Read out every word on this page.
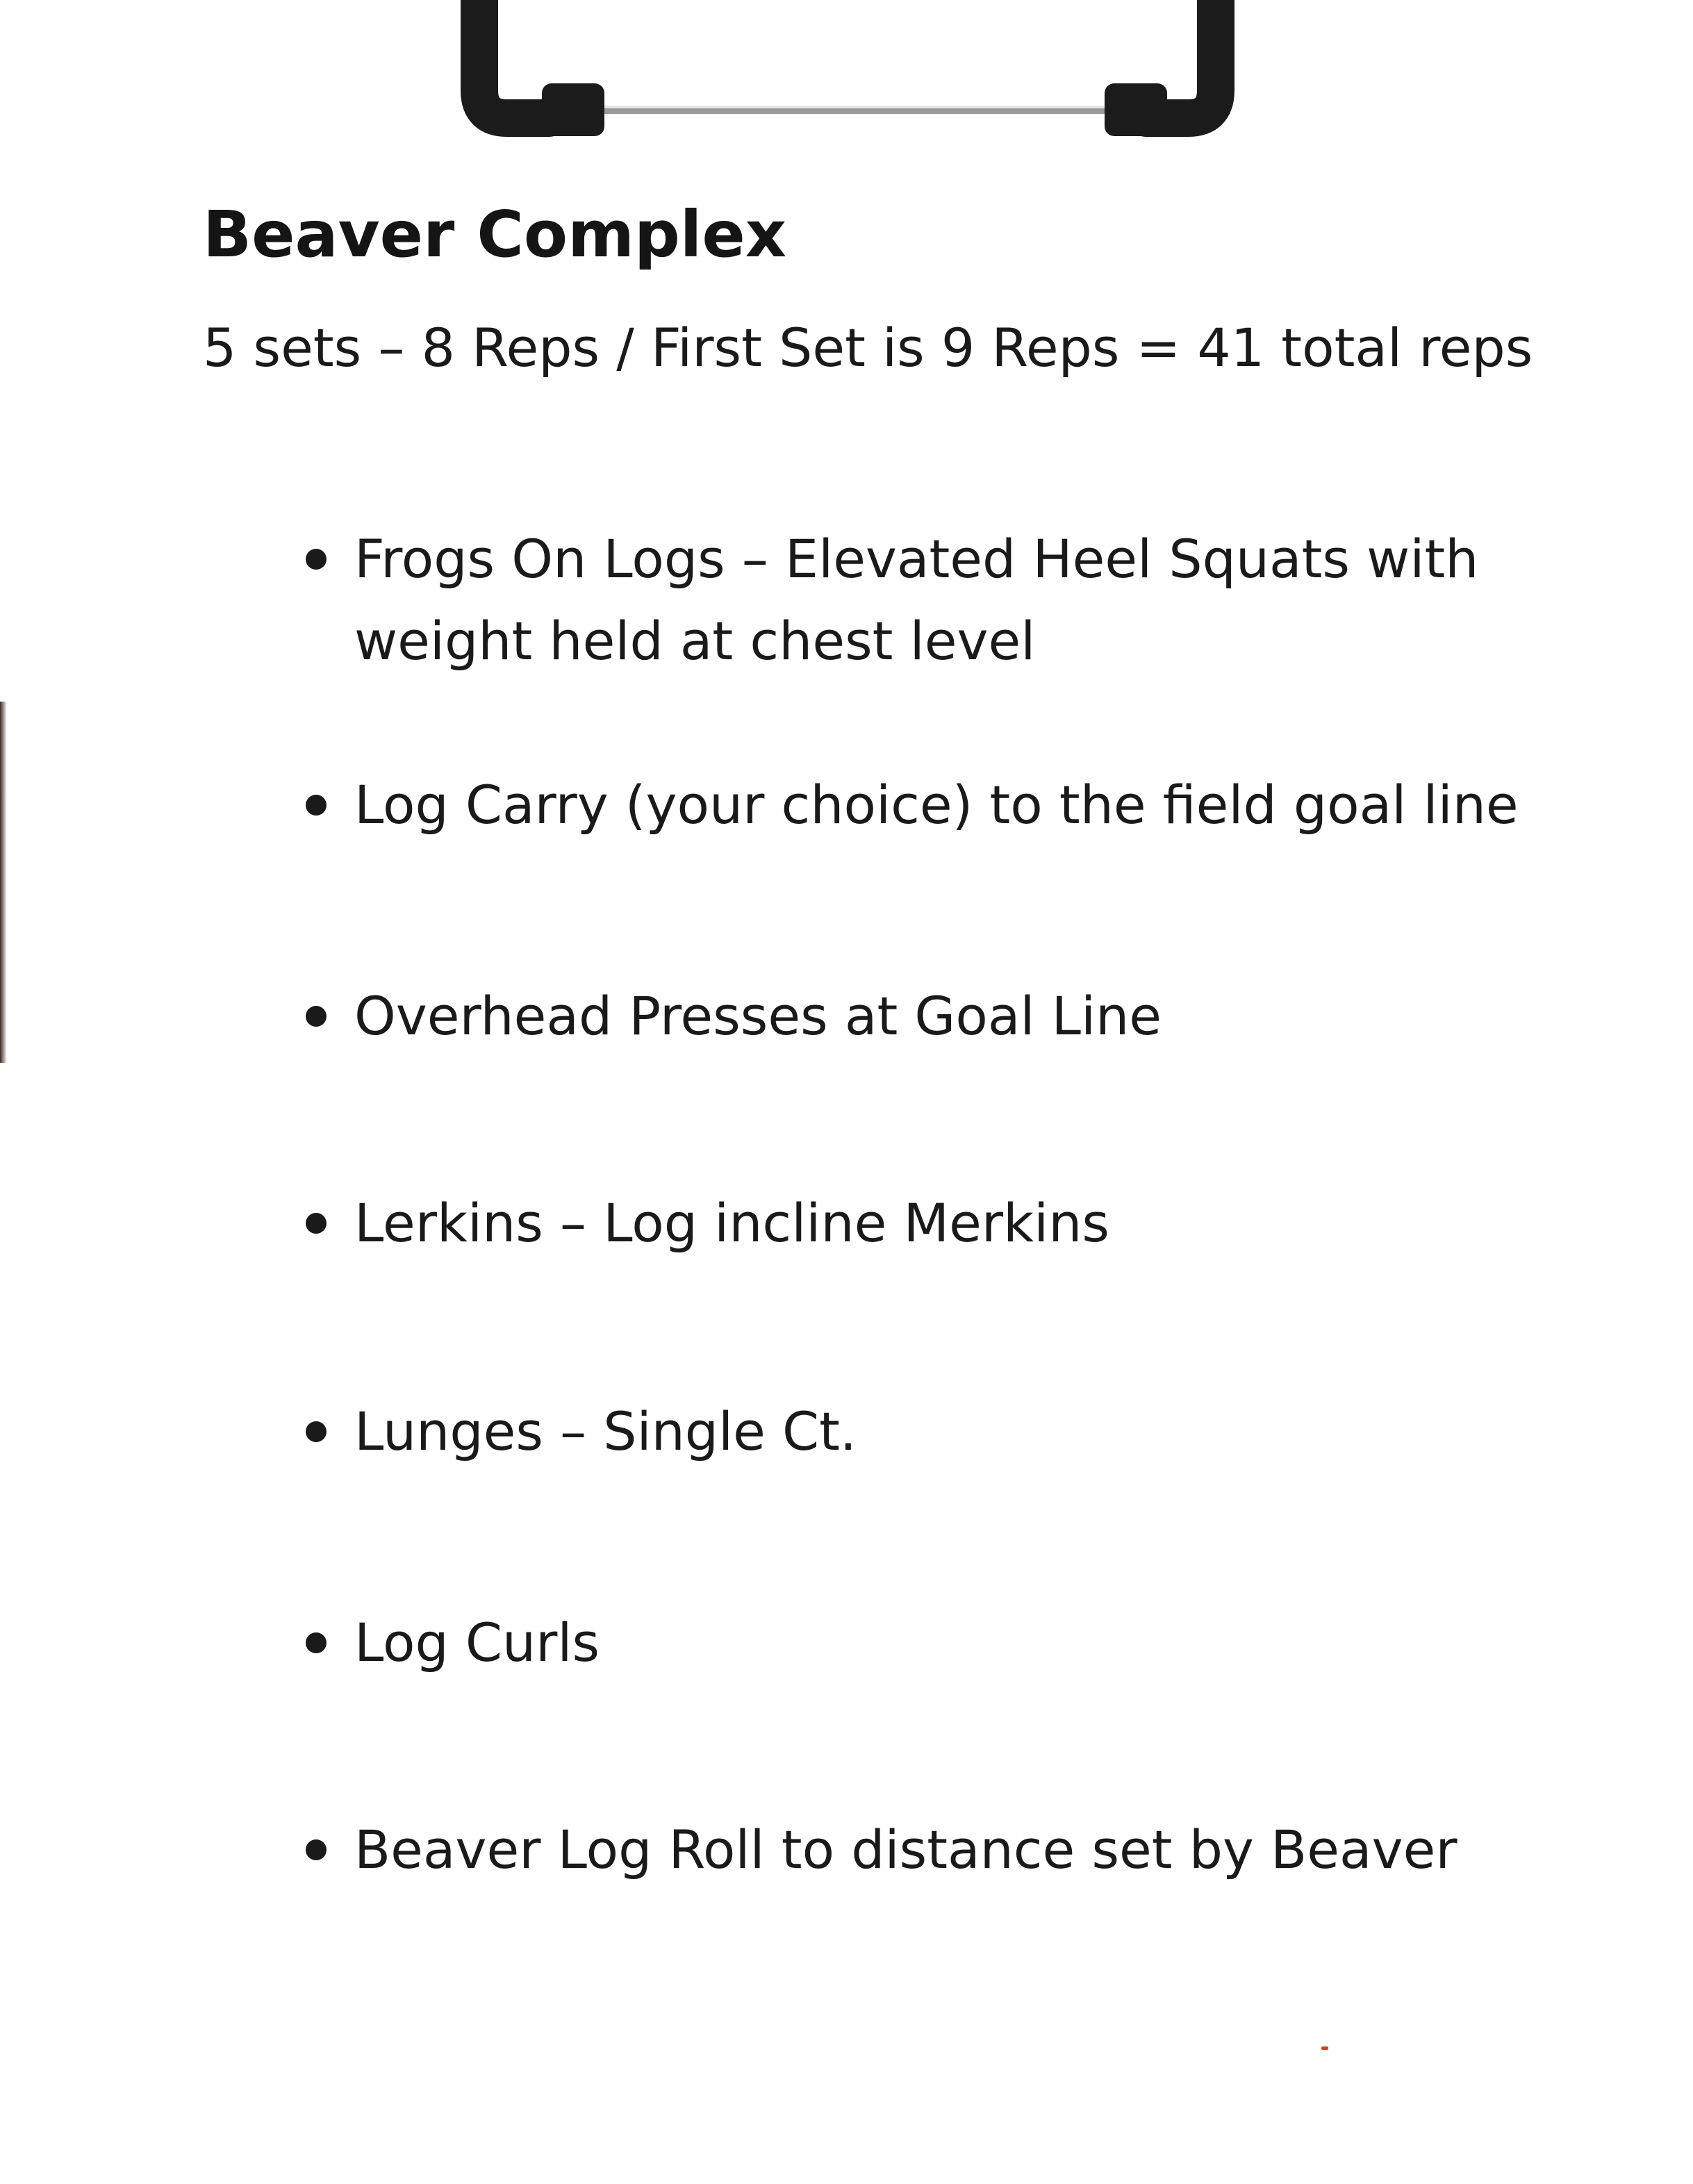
Beaver Complex

5 sets – 8 Reps / First Set is 9 Reps = 41 total reps

Frogs On Logs – Elevated Heel Squats with weight held at chest level
Log Carry (your choice) to the field goal line
Overhead Presses at Goal Line
Lerkins – Log incline Merkins
Lunges – Single Ct.
Log Curls
Beaver Log Roll to distance set by Beaver
